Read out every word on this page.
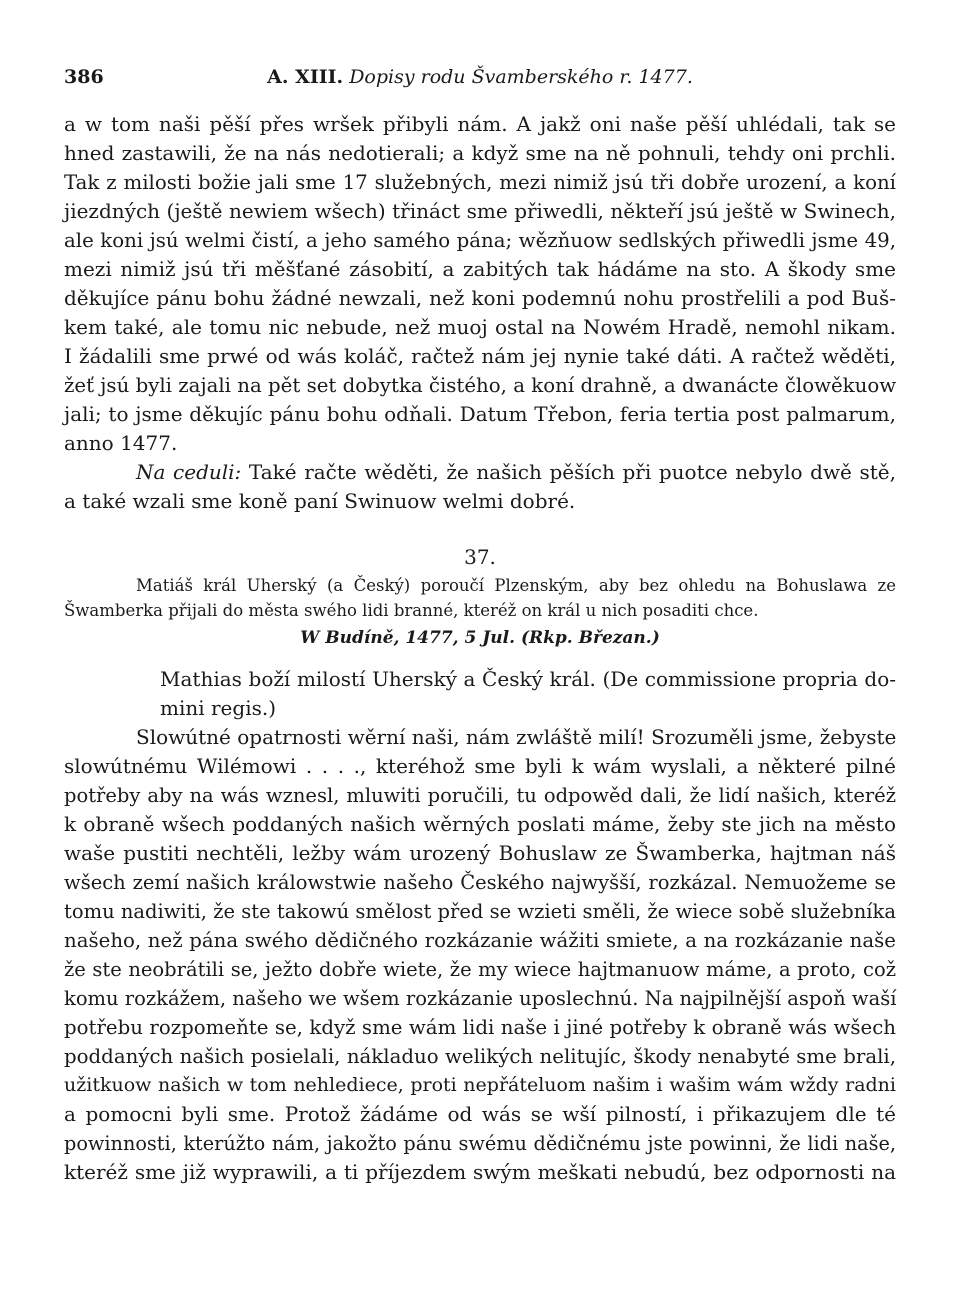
386	A. XIII. Dopisy rodu Švamberského r. 1477.
a w tom naši pěší přes wršek přibyli nám. A jakž oni naše pěší uhlédali, tak se
hned zastawili, že na nás nedotierali; a když sme na ně pohnuli, tehdy oni prchli.
Tak z milosti božie jali sme 17 služebných, mezi nimiž jsú tři dobře urození, a koní
jiezdných (ještě newiem wšech) třináct sme přiwedli, někteří jsú ještě w Swinech,
ale koni jsú welmi čistí, a jeho samého pána; wězňuow sedlských přiwedli jsme 49,
mezi nimiž jsú tři měšťané zásobití, a zabitých tak hádáme na sto. A škody sme
děkujíce pánu bohu žádné newzali, než koni podemnú nohu prostřelili a pod Buš-
kem také, ale tomu nic nebude, než muoj ostal na Nowém Hradě, nemohl nikam.
I žádalili sme prwé od wás koláč, račtež nám jej nynie také dáti. A račtež wěděti,
žeť jsú byli zajali na pět set dobytka čistého, a koní drahně, a dwanácte člowěkuow
jali; to jsme děkujíc pánu bohu odňali. Datum Třebon, feria tertia post palmarum,
anno 1477.
Na ceduli: Také račte wěděti, že našich pěších při puotce nebylo dwě stě,
a také wzali sme koně paní Swinuow welmi dobré.
37.
Matiáš král Uherský (a Český) poroučí Plzenským, aby bez ohledu na Bohuslawa ze
Šwamberka přijali do města swého lidi branné, kteréž on král u nich posaditi chce.
W Budíně, 1477, 5 Jul. (Rkp. Březan.)
Mathias boží milostí Uherský a Český král. (De commissione propria do-
mini regis.)
Slowútné opatrnosti wěrní naši, nám zwláště milí! Srozuměli jsme, žebyste
slowútnému Wilémowi . . . ., kteréhož sme byli k wám wyslali, a některé pilné
potřeby aby na wás wznesl, mluwiti poručili, tu odpowěd dali, že lidí našich, kteréž
k obraně wšech poddaných našich wěrných poslati máme, žeby ste jich na město
waše pustiti nechtěli, ležby wám urozený Bohuslaw ze Šwamberka, hajtman náš
wšech zemí našich králowstwie našeho Českého najwyšší, rozkázal. Nemuožeme se
tomu nadiwiti, že ste takowú smělost před se wzieti směli, že wiece sobě služebníka
našeho, než pána swého dědičného rozkázanie wážiti smiete, a na rozkázanie naše
že ste neobrátili se, ježto dobře wiete, že my wiece hajtmanuow máme, a proto, což
komu rozkážem, našeho we wšem rozkázanie uposlechnú. Na najpilnější aspoň waší
potřebu rozpomeňte se, když sme wám lidi naše i jiné potřeby k obraně wás wšech
poddaných našich posielali, nákladuo welikých nelitujíc, škody nenabyté sme brali,
užitkuow našich w tom nehlediece, proti nepřáteluom našim i wašim wám wždy radni
a pomocni byli sme. Protož žádáme od wás se wší pilností, i přikazujem dle té
powinnosti, kterúžto nám, jakožto pánu swému dědičnému jste powinni, že lidi naše,
kteréž sme již wyprawili, a ti příjezdem swým meškati nebudú, bez odpornosti na
